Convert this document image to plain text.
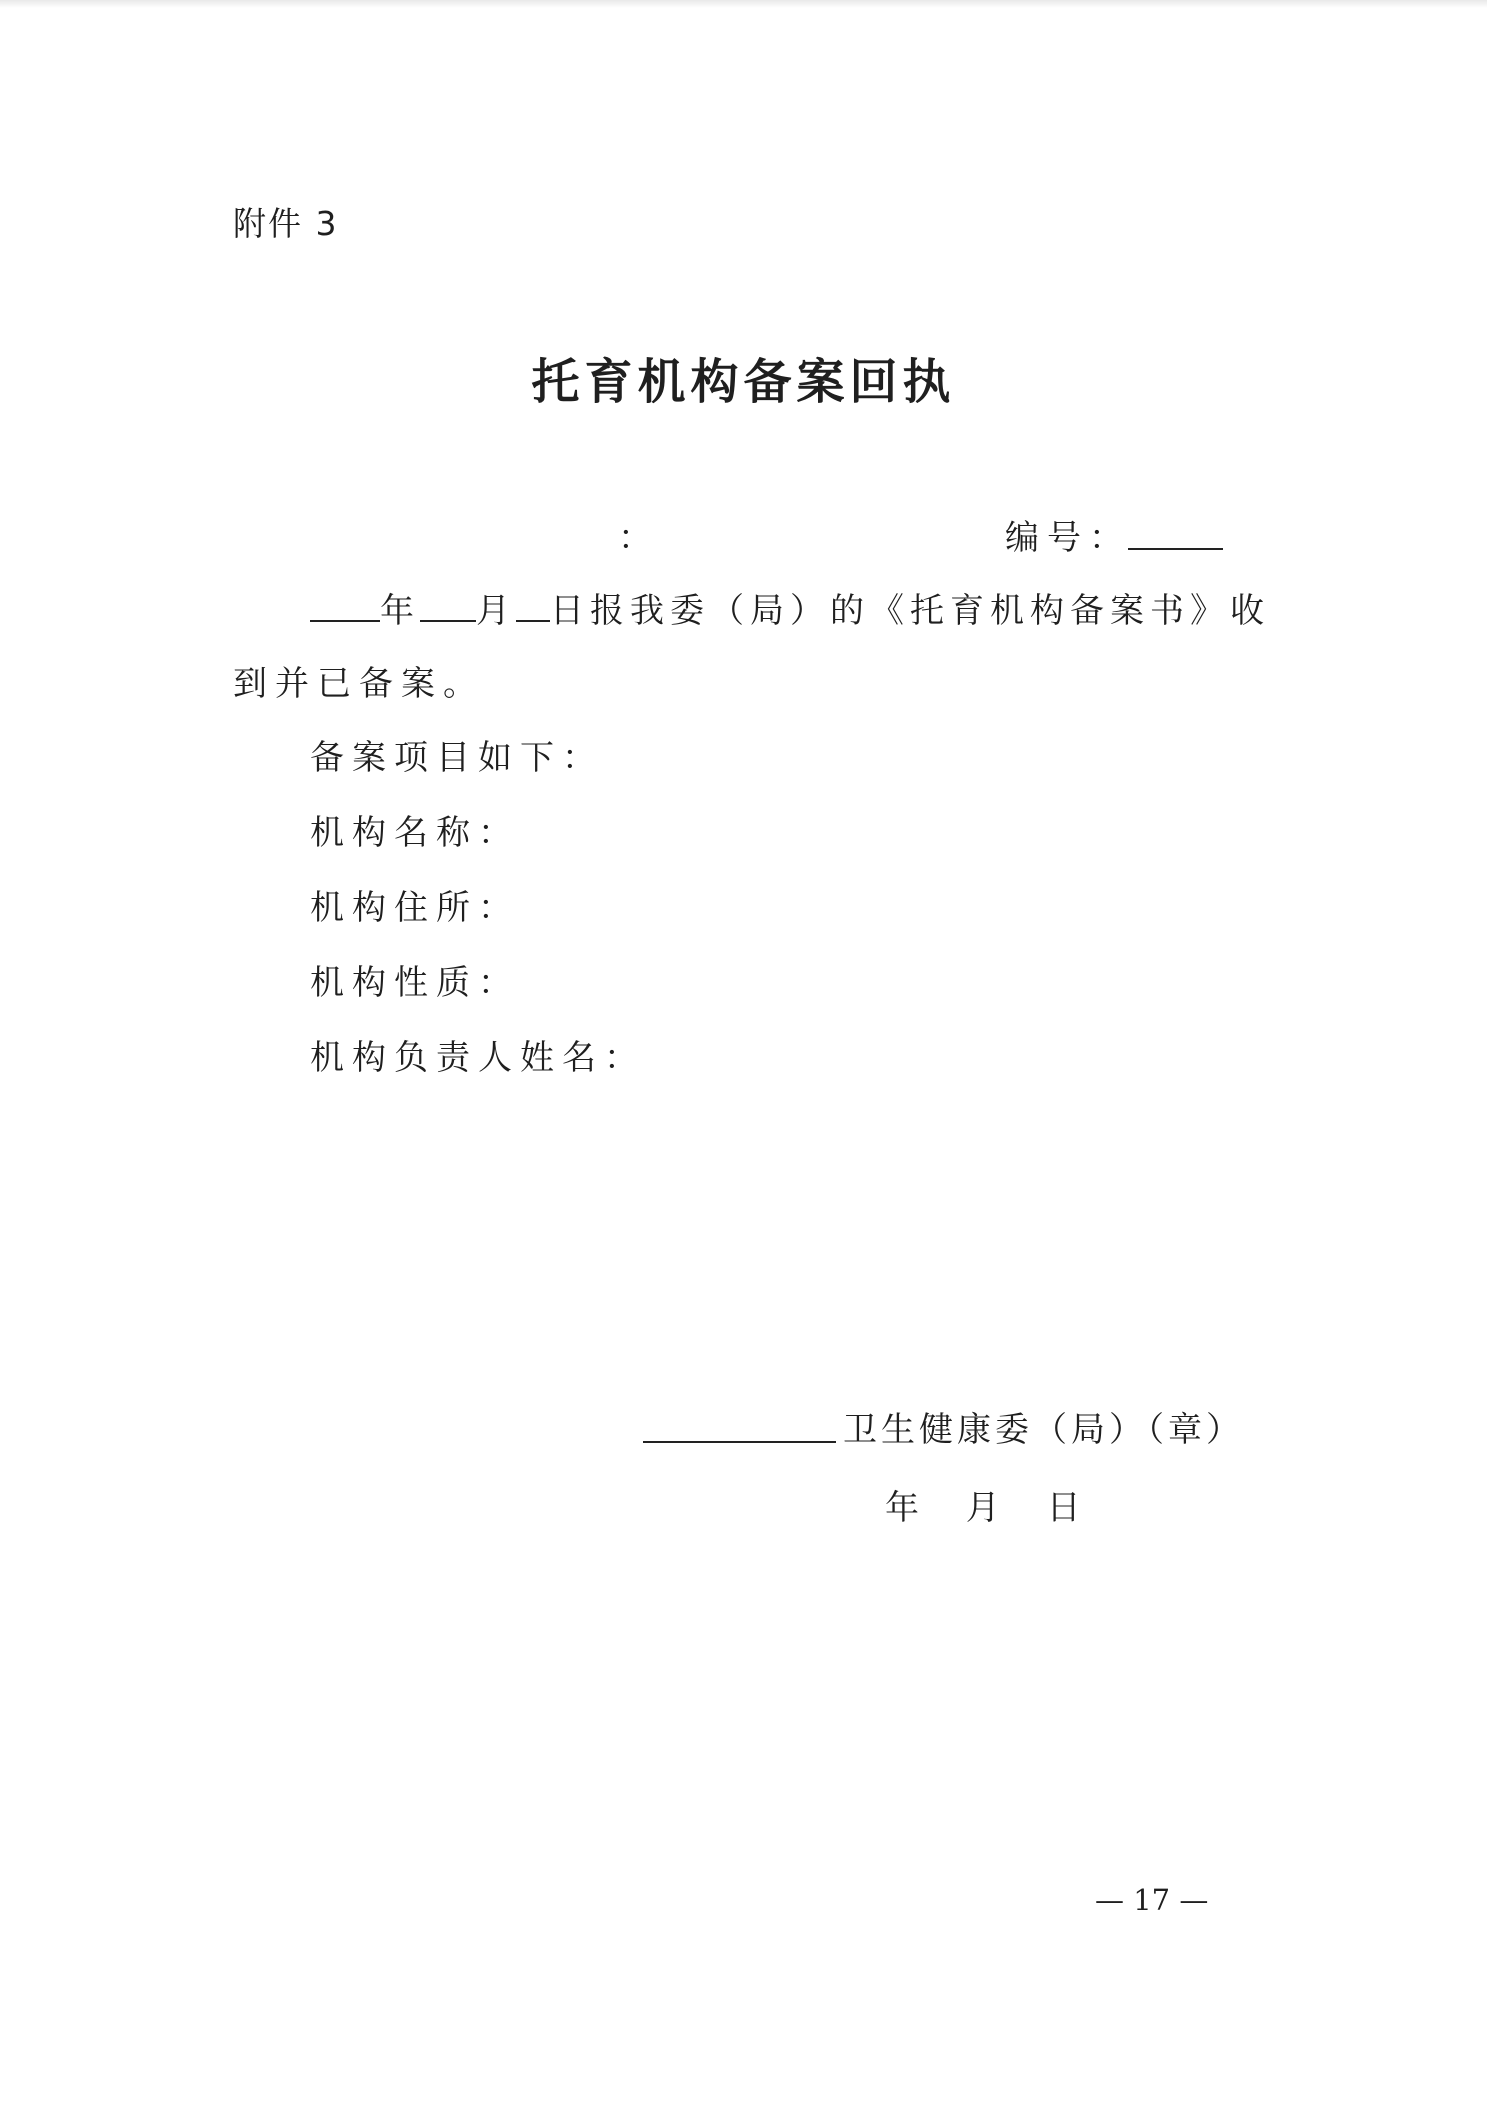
附件 3
托育机构备案回执
：	编号：
年 月 日报我委（局）的《托育机构备案书》收
到并已备案。
备案项目如下：
机构名称：
机构住所：
机构性质：
机构负责人姓名：
卫生健康委（局）（章）
年 月 日
— 17 —
